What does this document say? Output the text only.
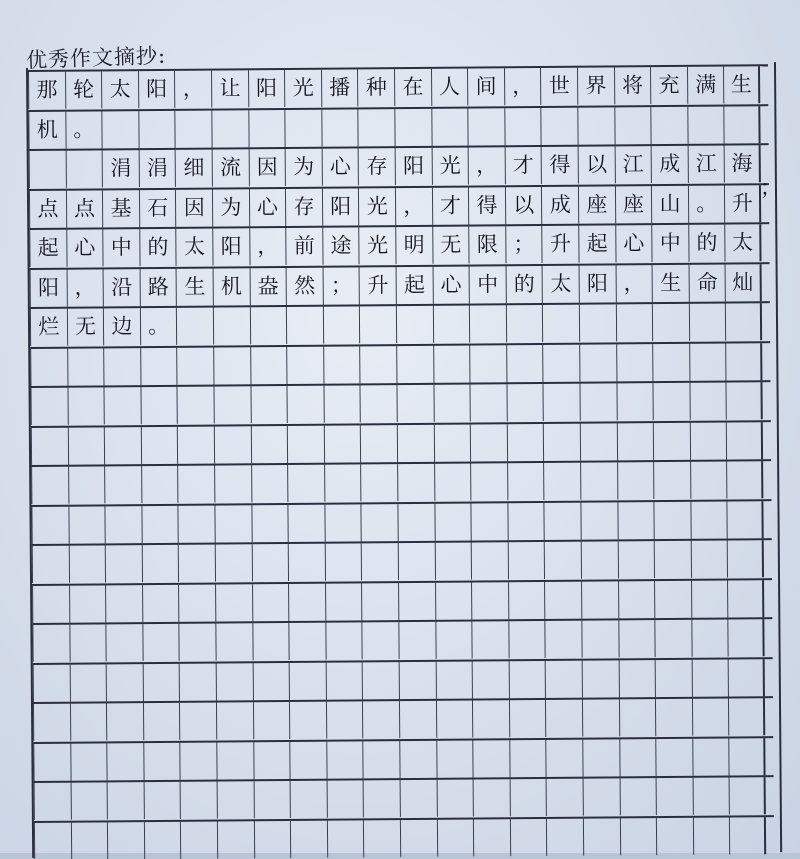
优秀作文摘抄:
那 轮 太 阳 ， 让 阳 光 播 种 在 人 间 ， 世 界 将 充 满 生
机 。
涓 涓 细 流 因 为 心 存 阳 光 ， 才 得 以 江 成 江 海
点 点 基 石 因 为 心 存 阳 光 ， 才 得 以 成 座 座 山 。 升
起 心 中 的 太 阳 ， 前 途 光 明 无 限 ； 升 起 心 中 的 太
阳 ， 沿 路 生 机 盎 然 ； 升 起 心 中 的 太 阳 ， 生 命 灿
烂 无 边 。
；
